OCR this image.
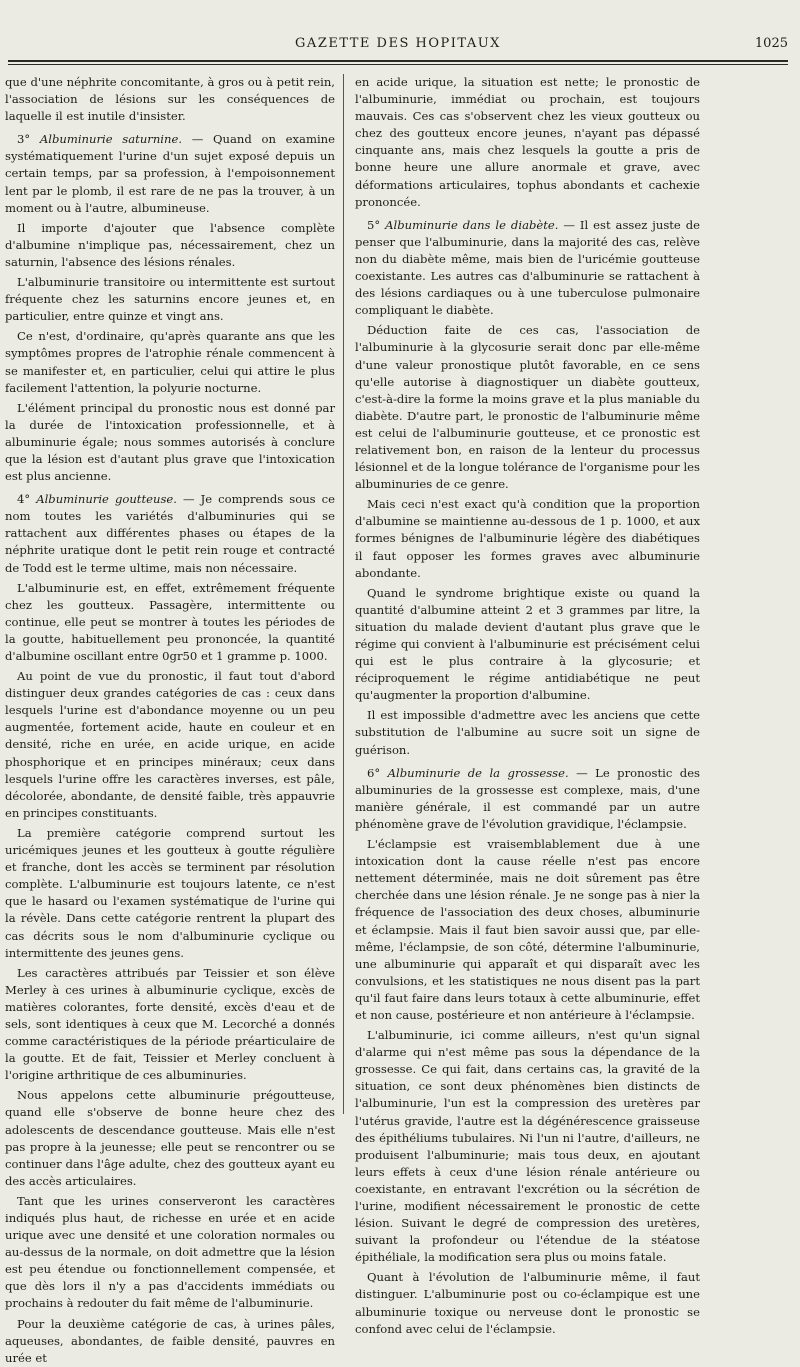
GAZETTE DES HOPITAUX	1025

que d'une néphrite concomitante, à gros ou à petit rein, l'association de lésions sur les conséquences de laquelle il est inutile d'insister.

3° Albuminurie saturnine. — Quand on examine systématiquement l'urine d'un sujet exposé depuis un certain temps, par sa profession, à l'empoisonnement lent par le plomb, il est rare de ne pas la trouver, à un moment ou à l'autre, albumineuse.

Il importe d'ajouter que l'absence complète d'albumine n'implique pas, nécessairement, chez un saturnin, l'absence des lésions rénales.

L'albuminurie transitoire ou intermittente est surtout fréquente chez les saturnins encore jeunes et, en particulier, entre quinze et vingt ans.

Ce n'est, d'ordinaire, qu'après quarante ans que les symptômes propres de l'atrophie rénale commencent à se manifester et, en particulier, celui qui attire le plus facilement l'attention, la polyurie nocturne.

L'élément principal du pronostic nous est donné par la durée de l'intoxication professionnelle, et à albuminurie égale; nous sommes autorisés à conclure que la lésion est d'autant plus grave que l'intoxication est plus ancienne.

4° Albuminurie goutteuse. — Je comprends sous ce nom toutes les variétés d'albuminuries qui se rattachent aux différentes phases ou étapes de la néphrite uratique dont le petit rein rouge et contracté de Todd est le terme ultime, mais non nécessaire.

L'albuminurie est, en effet, extrêmement fréquente chez les goutteux. Passagère, intermittente ou continue, elle peut se montrer à toutes les périodes de la goutte, habituellement peu prononcée, la quantité d'albumine oscillant entre 0gr50 et 1 gramme p. 1000.

Au point de vue du pronostic, il faut tout d'abord distinguer deux grandes catégories de cas : ceux dans lesquels l'urine est d'abondance moyenne ou un peu augmentée, fortement acide, haute en couleur et en densité, riche en urée, en acide urique, en acide phosphorique et en principes minéraux; ceux dans lesquels l'urine offre les caractères inverses, est pâle, décolorée, abondante, de densité faible, très appauvrie en principes constituants.

La première catégorie comprend surtout les uricémiques jeunes et les goutteux à goutte régulière et franche, dont les accès se terminent par résolution complète. L'albuminurie est toujours latente, ce n'est que le hasard ou l'examen systématique de l'urine qui la révèle. Dans cette catégorie rentrent la plupart des cas décrits sous le nom d'albuminurie cyclique ou intermittente des jeunes gens.

Les caractères attribués par Teissier et son élève Merley à ces urines à albuminurie cyclique, excès de matières colorantes, forte densité, excès d'eau et de sels, sont identiques à ceux que M. Lecorché a donnés comme caractéristiques de la période préarticulaire de la goutte. Et de fait, Teissier et Merley concluent à l'origine arthritique de ces albuminuries.

Nous appelons cette albuminurie prégoutteuse, quand elle s'observe de bonne heure chez des adolescents de descendance goutteuse. Mais elle n'est pas propre à la jeunesse; elle peut se rencontrer ou se continuer dans l'âge adulte, chez des goutteux ayant eu des accès articulaires.

Tant que les urines conserveront les caractères indiqués plus haut, de richesse en urée et en acide urique avec une densité et une coloration normales ou au-dessus de la normale, on doit admettre que la lésion est peu étendue ou fonctionnellement compensée, et que dès lors il n'y a pas d'accidents immédiats ou prochains à redouter du fait même de l'albuminurie.

Pour la deuxième catégorie de cas, à urines pâles, aqueuses, abondantes, de faible densité, pauvres en urée et

en acide urique, la situation est nette; le pronostic de l'albuminurie, immédiat ou prochain, est toujours mauvais. Ces cas s'observent chez les vieux goutteux ou chez des goutteux encore jeunes, n'ayant pas dépassé cinquante ans, mais chez lesquels la goutte a pris de bonne heure une allure anormale et grave, avec déformations articulaires, tophus abondants et cachexie prononcée.

5° Albuminurie dans le diabète. — Il est assez juste de penser que l'albuminurie, dans la majorité des cas, relève non du diabète même, mais bien de l'uricémie goutteuse coexistante. Les autres cas d'albuminurie se rattachent à des lésions cardiaques ou à une tuberculose pulmonaire compliquant le diabète.

Déduction faite de ces cas, l'association de l'albuminurie à la glycosurie serait donc par elle-même d'une valeur pronostique plutôt favorable, en ce sens qu'elle autorise à diagnostiquer un diabète goutteux, c'est-à-dire la forme la moins grave et la plus maniable du diabète. D'autre part, le pronostic de l'albuminurie même est celui de l'albuminurie goutteuse, et ce pronostic est relativement bon, en raison de la lenteur du processus lésionnel et de la longue tolérance de l'organisme pour les albuminuries de ce genre.

Mais ceci n'est exact qu'à condition que la proportion d'albumine se maintienne au-dessous de 1 p. 1000, et aux formes bénignes de l'albuminurie légère des diabétiques il faut opposer les formes graves avec albuminurie abondante.

Quand le syndrome brightique existe ou quand la quantité d'albumine atteint 2 et 3 grammes par litre, la situation du malade devient d'autant plus grave que le régime qui convient à l'albuminurie est précisément celui qui est le plus contraire à la glycosurie; et réciproquement le régime antidiabétique ne peut qu'augmenter la proportion d'albumine.

Il est impossible d'admettre avec les anciens que cette substitution de l'albumine au sucre soit un signe de guérison.

6° Albuminurie de la grossesse. — Le pronostic des albuminuries de la grossesse est complexe, mais, d'une manière générale, il est commandé par un autre phénomène grave de l'évolution gravidique, l'éclampsie.

L'éclampsie est vraisemblablement due à une intoxication dont la cause réelle n'est pas encore nettement déterminée, mais ne doit sûrement pas être cherchée dans une lésion rénale. Je ne songe pas à nier la fréquence de l'association des deux choses, albuminurie et éclampsie. Mais il faut bien savoir aussi que, par elle-même, l'éclampsie, de son côté, détermine l'albuminurie, une albuminurie qui apparaît et qui disparaît avec les convulsions, et les statistiques ne nous disent pas la part qu'il faut faire dans leurs totaux à cette albuminurie, effet et non cause, postérieure et non antérieure à l'éclampsie.

L'albuminurie, ici comme ailleurs, n'est qu'un signal d'alarme qui n'est même pas sous la dépendance de la grossesse. Ce qui fait, dans certains cas, la gravité de la situation, ce sont deux phénomènes bien distincts de l'albuminurie, l'un est la compression des uretères par l'utérus gravide, l'autre est la dégénérescence graisseuse des épithéliums tubulaires. Ni l'un ni l'autre, d'ailleurs, ne produisent l'albuminurie; mais tous deux, en ajoutant leurs effets à ceux d'une lésion rénale antérieure ou coexistante, en entravant l'excrétion ou la sécrétion de l'urine, modifient nécessairement le pronostic de cette lésion. Suivant le degré de compression des uretères, suivant la profondeur ou l'étendue de la stéatose épithéliale, la modification sera plus ou moins fatale.

Quant à l'évolution de l'albuminurie même, il faut distinguer. L'albuminurie post ou co-éclampique est une albuminurie toxique ou nerveuse dont le pronostic se confond avec celui de l'éclampsie.
